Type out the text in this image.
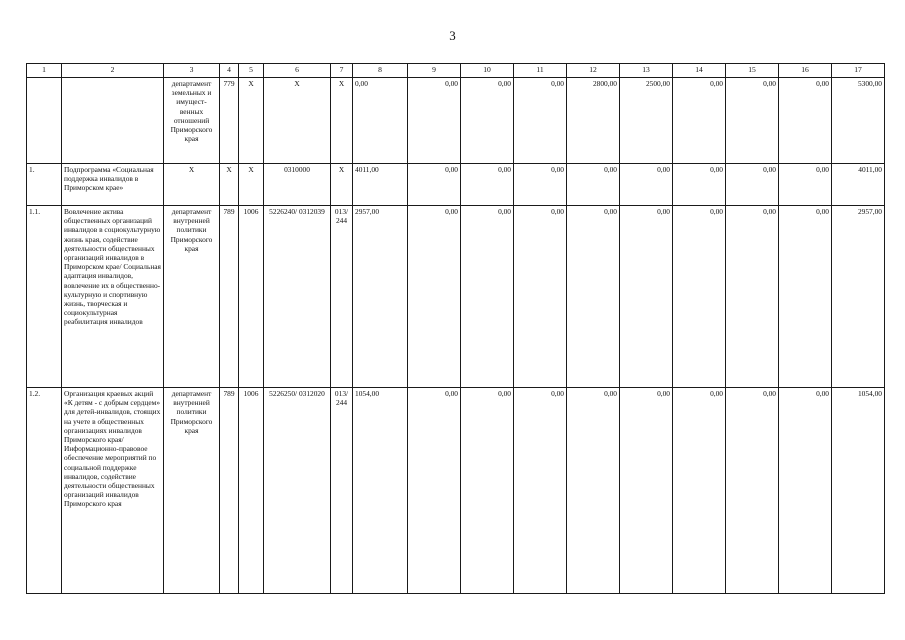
3
1	2	3	4	5	6	7	8	9	10	11	12	13	14	15	16	17
		департамент земельных и имущест-венных отношений Приморского края	779	Х	Х	Х	0,00	0,00	0,00	0,00	2800,00	2500,00	0,00	0,00	0,00	5300,00
1.	Подпрограмма «Социальная поддержка инвалидов в Приморском крае»	Х	Х	Х	0310000	Х	4011,00	0,00	0,00	0,00	0,00	0,00	0,00	0,00	0,00	4011,00
1.1.	Вовлечение актива общественных организаций инвалидов в социокультурную жизнь края, содействие деятельности общественных организаций инвалидов в Приморском крае/ Социальная адаптация инвалидов, вовлечение их в общественно-культурную и спортивную жизнь, творческая и социокультурная реабилитация инвалидов	департамент внутренней политики Приморского края	789	1006	5226240/ 0312039	013/ 244	2957,00	0,00	0,00	0,00	0,00	0,00	0,00	0,00	0,00	2957,00
1.2.	Организация краевых акций «К детям - с добрым сердцем» для детей-инвалидов, стоящих на учете в общественных организациях инвалидов Приморского края/ Информационно-правовое обеспечение мероприятий по социальной поддержке инвалидов, содействие деятельности общественных организаций инвалидов Приморского края	департамент внутренней политики Приморского края	789	1006	5226250/ 0312020	013/ 244	1054,00	0,00	0,00	0,00	0,00	0,00	0,00	0,00	0,00	1054,00
